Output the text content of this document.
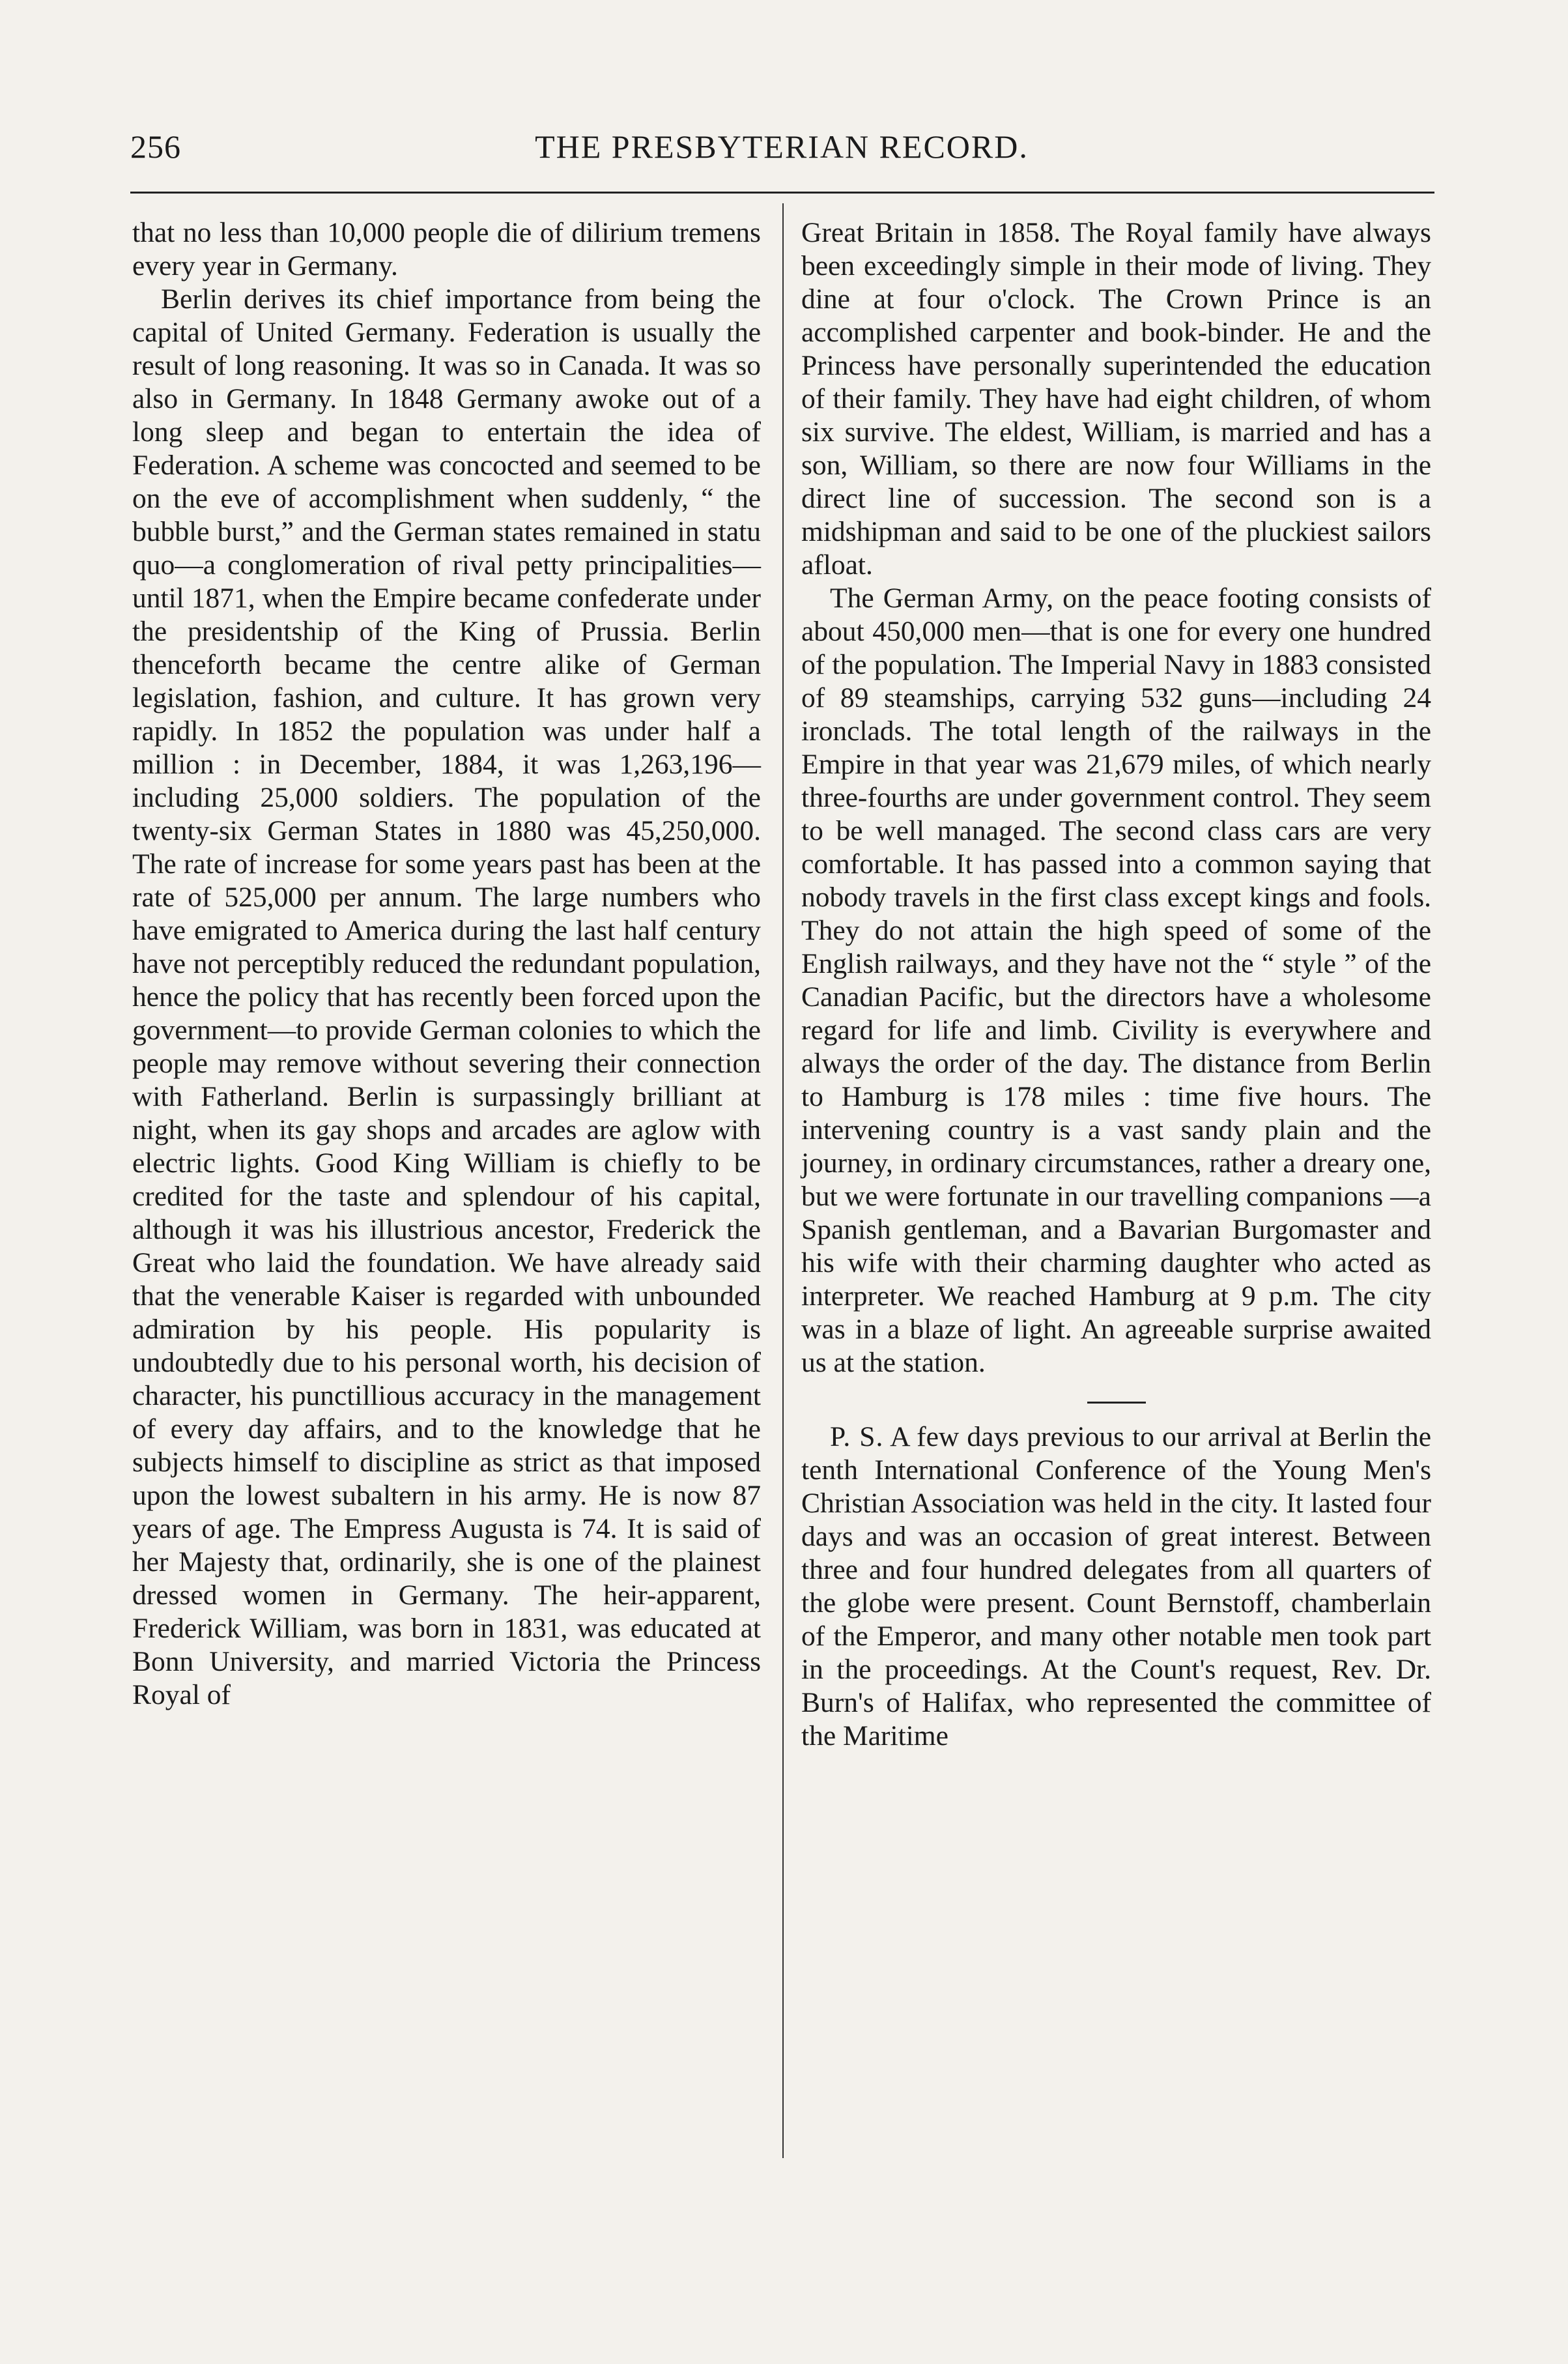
256	THE PRESBYTERIAN RECORD.

that no less than 10,000 people die of dilirium tremens every year in Germany.

Berlin derives its chief importance from being the capital of United Germany. Federation is usually the result of long reasoning. It was so in Canada. It was so also in Germany. In 1848 Germany awoke out of a long sleep and began to entertain the idea of Federation. A scheme was concocted and seemed to be on the eve of accomplishment when suddenly, “ the bubble burst,” and the German states remained in statu quo—a conglomeration of rival petty principalities—until 1871, when the Empire became confederate under the presidentship of the King of Prussia. Berlin thenceforth became the centre alike of German legislation, fashion, and culture. It has grown very rapidly. In 1852 the population was under half a million : in December, 1884, it was 1,263,196—including 25,000 soldiers. The population of the twenty-six German States in 1880 was 45,250,000. The rate of increase for some years past has been at the rate of 525,000 per annum. The large numbers who have emigrated to America during the last half century have not perceptibly reduced the redundant population, hence the policy that has recently been forced upon the government—to provide German colonies to which the people may remove without severing their connection with Fatherland. Berlin is surpassingly brilliant at night, when its gay shops and arcades are aglow with electric lights. Good King William is chiefly to be credited for the taste and splendour of his capital, although it was his illustrious ancestor, Frederick the Great who laid the foundation. We have already said that the venerable Kaiser is regarded with unbounded admiration by his people. His popularity is undoubtedly due to his personal worth, his decision of character, his punctillious accuracy in the management of every day affairs, and to the knowledge that he subjects himself to discipline as strict as that imposed upon the lowest subaltern in his army. He is now 87 years of age. The Empress Augusta is 74. It is said of her Majesty that, ordinarily, she is one of the plainest dressed women in Germany. The heir-apparent, Frederick William, was born in 1831, was educated at Bonn University, and married Victoria the Princess Royal of

Great Britain in 1858. The Royal family have always been exceedingly simple in their mode of living. They dine at four o'clock. The Crown Prince is an accomplished carpenter and book-binder. He and the Princess have personally superintended the education of their family. They have had eight children, of whom six survive. The eldest, William, is married and has a son, William, so there are now four Williams in the direct line of succession. The second son is a midshipman and said to be one of the pluckiest sailors afloat.

The German Army, on the peace footing consists of about 450,000 men—that is one for every one hundred of the population. The Imperial Navy in 1883 consisted of 89 steamships, carrying 532 guns—including 24 ironclads. The total length of the railways in the Empire in that year was 21,679 miles, of which nearly three-fourths are under government control. They seem to be well managed. The second class cars are very comfortable. It has passed into a common saying that nobody travels in the first class except kings and fools. They do not attain the high speed of some of the English railways, and they have not the “ style ” of the Canadian Pacific, but the directors have a wholesome regard for life and limb. Civility is everywhere and always the order of the day. The distance from Berlin to Hamburg is 178 miles : time five hours. The intervening country is a vast sandy plain and the journey, in ordinary circumstances, rather a dreary one, but we were fortunate in our travelling companions —a Spanish gentleman, and a Bavarian Burgomaster and his wife with their charming daughter who acted as interpreter. We reached Hamburg at 9 p.m. The city was in a blaze of light. An agreeable surprise awaited us at the station.

P. S. A few days previous to our arrival at Berlin the tenth International Conference of the Young Men's Christian Association was held in the city. It lasted four days and was an occasion of great interest. Between three and four hundred delegates from all quarters of the globe were present. Count Bernstoff, chamberlain of the Emperor, and many other notable men took part in the proceedings. At the Count's request, Rev. Dr. Burn's of Halifax, who represented the committee of the Maritime
